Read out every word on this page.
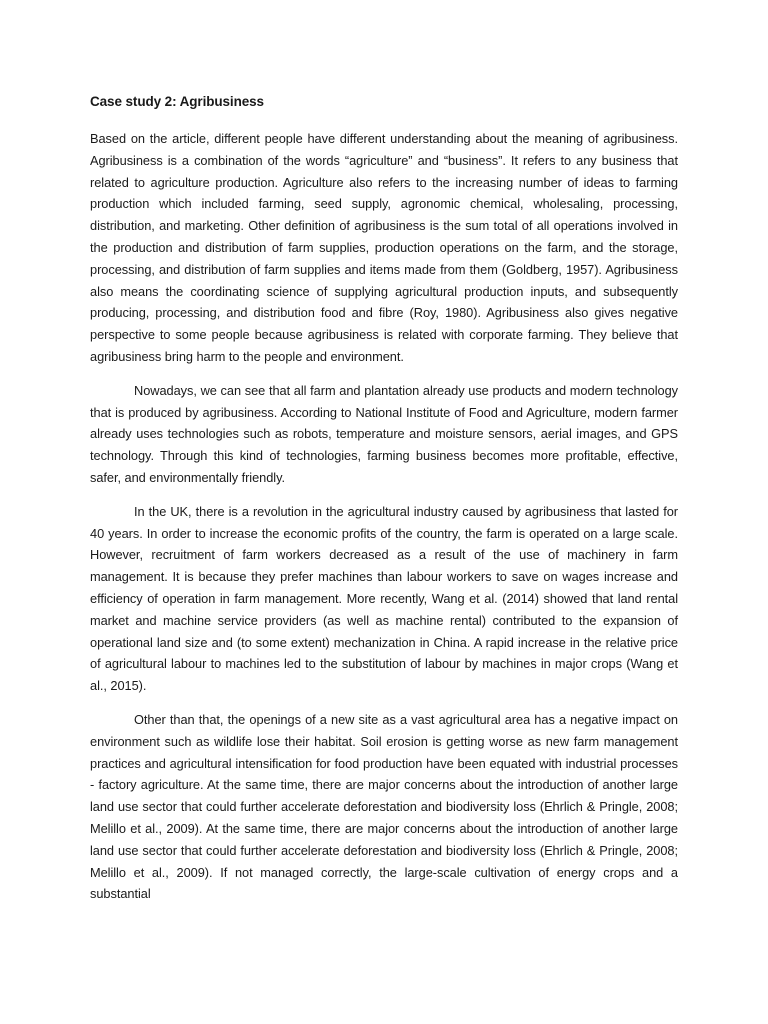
Case study 2: Agribusiness

Based on the article, different people have different understanding about the meaning of agribusiness. Agribusiness is a combination of the words “agriculture” and “business”. It refers to any business that related to agriculture production. Agriculture also refers to the increasing number of ideas to farming production which included farming, seed supply, agronomic chemical, wholesaling, processing, distribution, and marketing. Other definition of agribusiness is the sum total of all operations involved in the production and distribution of farm supplies, production operations on the farm, and the storage, processing, and distribution of farm supplies and items made from them (Goldberg, 1957). Agribusiness also means the coordinating science of supplying agricultural production inputs, and subsequently producing, processing, and distribution food and fibre (Roy, 1980). Agribusiness also gives negative perspective to some people because agribusiness is related with corporate farming. They believe that agribusiness bring harm to the people and environment.

Nowadays, we can see that all farm and plantation already use products and modern technology that is produced by agribusiness. According to National Institute of Food and Agriculture, modern farmer already uses technologies such as robots, temperature and moisture sensors, aerial images, and GPS technology. Through this kind of technologies, farming business becomes more profitable, effective, safer, and environmentally friendly.

In the UK, there is a revolution in the agricultural industry caused by agribusiness that lasted for 40 years. In order to increase the economic profits of the country, the farm is operated on a large scale. However, recruitment of farm workers decreased as a result of the use of machinery in farm management. It is because they prefer machines than labour workers to save on wages increase and efficiency of operation in farm management. More recently, Wang et al. (2014) showed that land rental market and machine service providers (as well as machine rental) contributed to the expansion of operational land size and (to some extent) mechanization in China. A rapid increase in the relative price of agricultural labour to machines led to the substitution of labour by machines in major crops (Wang et al., 2015).

Other than that, the openings of a new site as a vast agricultural area has a negative impact on environment such as wildlife lose their habitat. Soil erosion is getting worse as new farm management practices and agricultural intensification for food production have been equated with industrial processes - factory agriculture. At the same time, there are major concerns about the introduction of another large land use sector that could further accelerate deforestation and biodiversity loss (Ehrlich & Pringle, 2008; Melillo et al., 2009). At the same time, there are major concerns about the introduction of another large land use sector that could further accelerate deforestation and biodiversity loss (Ehrlich & Pringle, 2008; Melillo et al., 2009). If not managed correctly, the large-scale cultivation of energy crops and a substantial
